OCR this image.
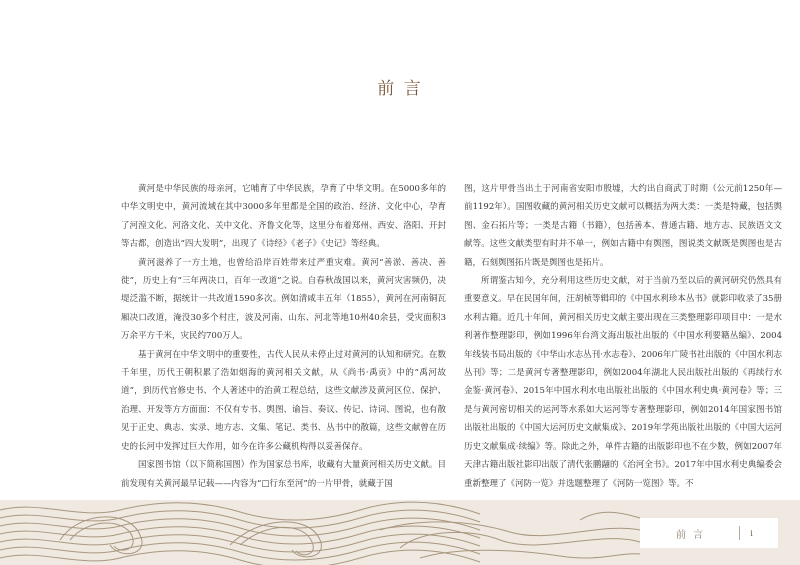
前 言

黄河是中华民族的母亲河，它哺育了中华民族，孕育了中华文明。在5000多年的中华文明史中，黄河流域在其中3000多年里都是全国的政治、经济、文化中心，孕育了河湟文化、河洛文化、关中文化、齐鲁文化等，这里分布着郑州、西安、洛阳、开封等古都，创造出“四大发明”，出现了《诗经》《老子》《史记》等经典。

黄河滋养了一方土地，也曾给沿岸百姓带来过严重灾难。黄河“善淤、善决、善徙”，历史上有“三年两决口，百年一改道”之说。自春秋战国以来，黄河灾害频仍，决堤泛滥不断，据统计一共改道1590多次。例如清咸丰五年（1855），黄河在河南铜瓦厢决口改道，淹没30多个村庄，波及河南、山东、河北等地10州40余县，受灾面积3万余平方千米，灾民约700万人。

基于黄河在中华文明中的重要性，古代人民从未停止过对黄河的认知和研究。在数千年里，历代王朝积累了浩如烟海的黄河相关文献，从《尚书·禹贡》中的“禹河故道”，到历代官修史书、个人著述中的治黄工程总结，这些文献涉及黄河区位、保护、治理、开发等方方面面：不仅有专书、舆图、谕旨、奏议、传记、诗词、图说，也有散见于正史、典志、实录、地方志、文集、笔记、类书、丛书中的散篇，这些文献曾在历史的长河中发挥过巨大作用，如今在许多公藏机构得以妥善保存。

国家图书馆（以下简称国图）作为国家总书库，收藏有大量黄河相关历史文献。目前发现有关黄河最早记载——内容为“□行东至河”的一片甲骨，就藏于国

图，这片甲骨当出土于河南省安阳市殷墟，大约出自商武丁时期（公元前1250年—前1192年）。国图收藏的黄河相关历史文献可以概括为两大类：一类是特藏，包括舆图、金石拓片等；一类是古籍（书籍），包括善本、普通古籍、地方志、民族语文文献等。这些文献类型有时并不单一，例如古籍中有舆图，图说类文献既是舆图也是古籍，石刻舆图拓片既是舆图也是拓片。

所谓鉴古知今，充分利用这些历史文献，对于当前乃至以后的黄河研究仍然具有重要意义。早在民国年间，汪胡桢等辑印的《中国水利珍本丛书》就影印收录了35册水利古籍。近几十年间，黄河相关历史文献主要出现在三类整理影印项目中：一是水利著作整理影印，例如1996年台湾文海出版社出版的《中国水利要籍丛编》、2004年线装书局出版的《中华山水志丛刊·水志卷》、2006年广陵书社出版的《中国水利志丛刊》等；二是黄河专著整理影印，例如2004年湖北人民出版社出版的《再续行水金鉴·黄河卷》、2015年中国水利水电出版社出版的《中国水利史典·黄河卷》等；三是与黄河密切相关的运河等水系如大运河等专著整理影印，例如2014年国家图书馆出版社出版的《中国大运河历史文献集成》、2019年学苑出版社出版的《中国大运河历史文献集成·续编》等。除此之外，单件古籍的出版影印也不在少数，例如2007年天津古籍出版社影印出版了清代张鹏翮的《治河全书》。2017年中国水利史典编委会重新整理了《河防一览》并选题整理了《河防一览图》等。不

前 言	i
